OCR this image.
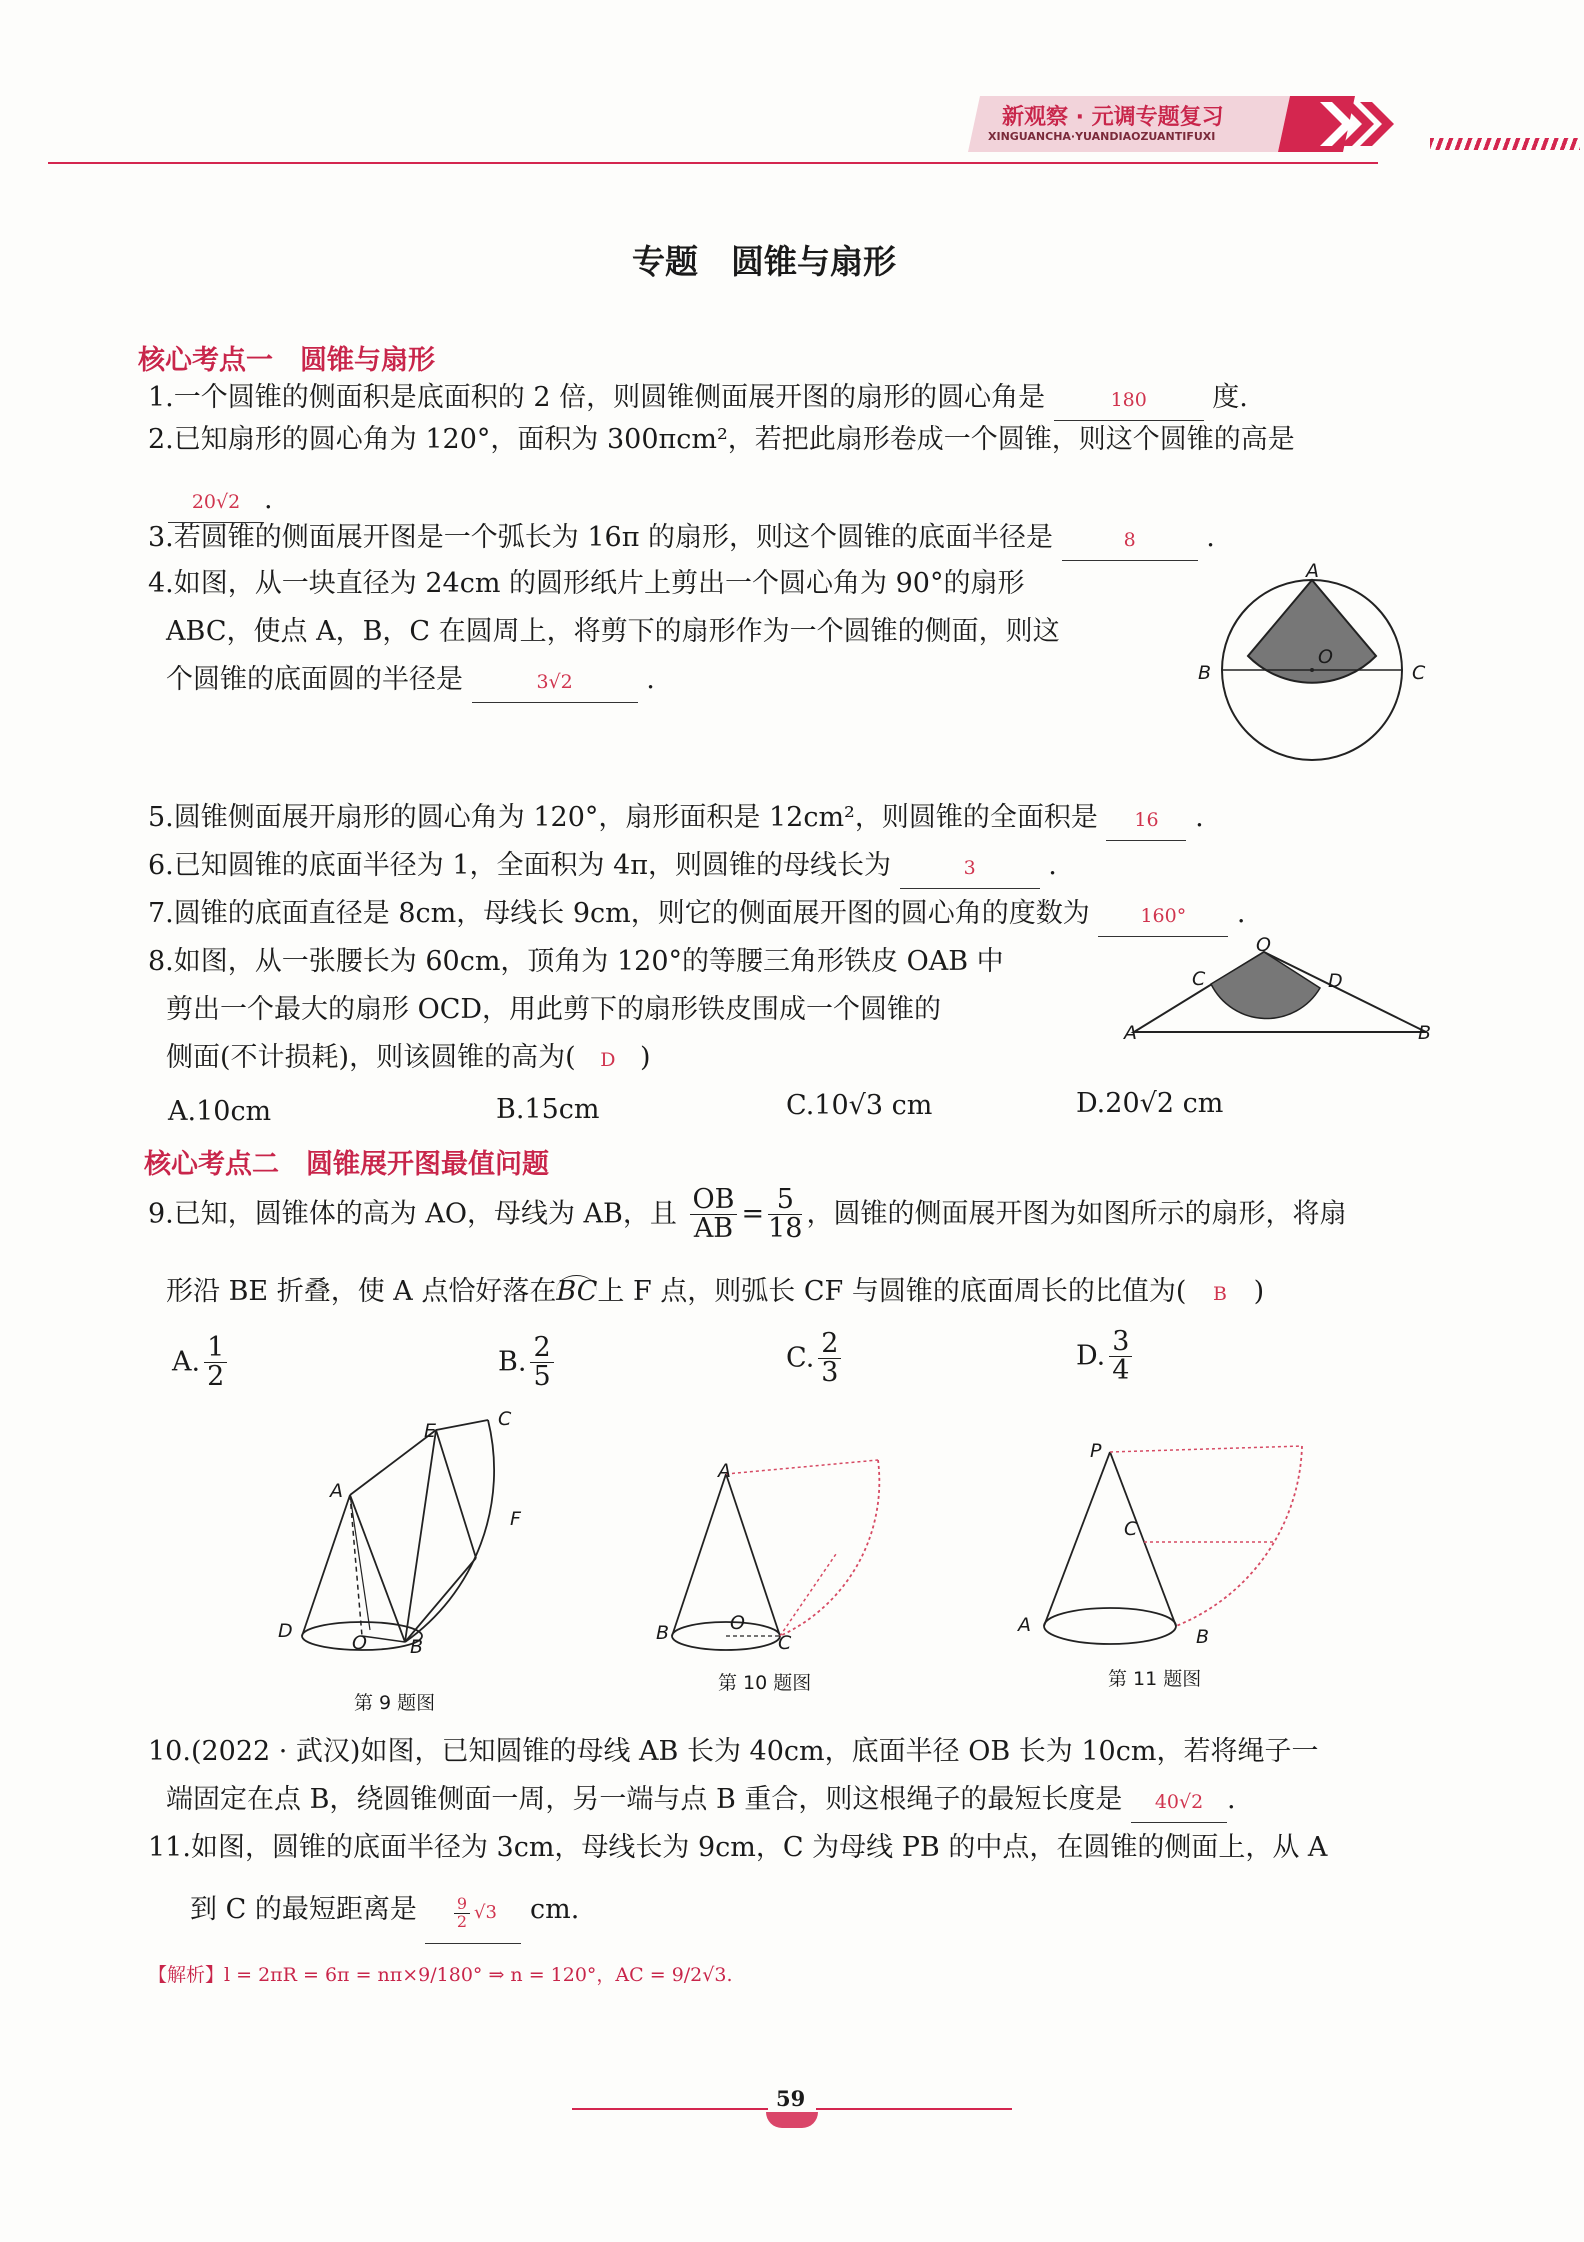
新观察 · 元调专题复习
XINGUANCHA·YUANDIAOZUANTIFUXI
专题　圆锥与扇形
核心考点一　圆锥与扇形
1.一个圆锥的侧面积是底面积的 2 倍，则圆锥侧面展开图的扇形的圆心角是	180 度.
2.已知扇形的圆心角为 120°，面积为 300πcm²，若把此扇形卷成一个圆锥，则这个圆锥的高是
20√2 .
3.若圆锥的侧面展开图是一个弧长为 16π 的扇形，则这个圆锥的底面半径是	8	.
4.如图，从一块直径为 24cm 的圆形纸片上剪出一个圆心角为 90°的扇形
ABC，使点 A，B，C 在圆周上，将剪下的扇形作为一个圆锥的侧面，则这
个圆锥的底面圆的半径是	3√2	.
A
B
O
C
5.圆锥侧面展开扇形的圆心角为 120°，扇形面积是 12cm²，则圆锥的全面积是 16 .
6.已知圆锥的底面半径为 1，全面积为 4π，则圆锥的母线长为	3	.
7.圆锥的底面直径是 8cm，母线长 9cm，则它的侧面展开图的圆心角的度数为	160° .
8.如图，从一张腰长为 60cm，顶角为 120°的等腰三角形铁皮 OAB 中
剪出一个最大的扇形 OCD，用此剪下的扇形铁皮围成一个圆锥的
侧面(不计损耗)，则该圆锥的高为( D )
A.10cm	B.15cm	C.10√3 cm	D.20√2 cm
O
C	D
A	B
核心考点二　圆锥展开图最值问题
9.已知，圆锥体的高为 AO，母线为 AB，且 $\frac{OB}{AB} = \frac{5}{18}$ ，圆锥的侧面展开图为如图所示的扇形，将扇
形沿 BE 折叠，使 A 点恰好落在BC上 F 点，则弧长 CF 与圆锥的底面周长的比值为( B )
A. $\frac{1}{2}$	B. $\frac{2}{5}$	C. $\frac{2}{3}$	D. $\frac{3}{4}$
A
E
C
F
D
O B
第 9 题图
A
B	O
C
第 10 题图
P
C
A
B
第 11 题图
10.(2022 · 武汉)如图，已知圆锥的母线 AB 长为 40cm，底面半径 OB 长为 10cm，若将绳子一
端固定在点 B，绕圆锥侧面一周，另一端与点 B 重合，则这根绳子的最短长度是 40√2 .
11.如图，圆锥的底面半径为 3cm，母线长为 9cm，C 为母线 PB 的中点，在圆锥的侧面上，从 A
到 C 的最短距离是 $\frac{9}{2} √3$ cm.
【解析】l = 2πR = 6π = nπ×9/180° ⇒ n = 120°，AC = 9/2√3.
59
